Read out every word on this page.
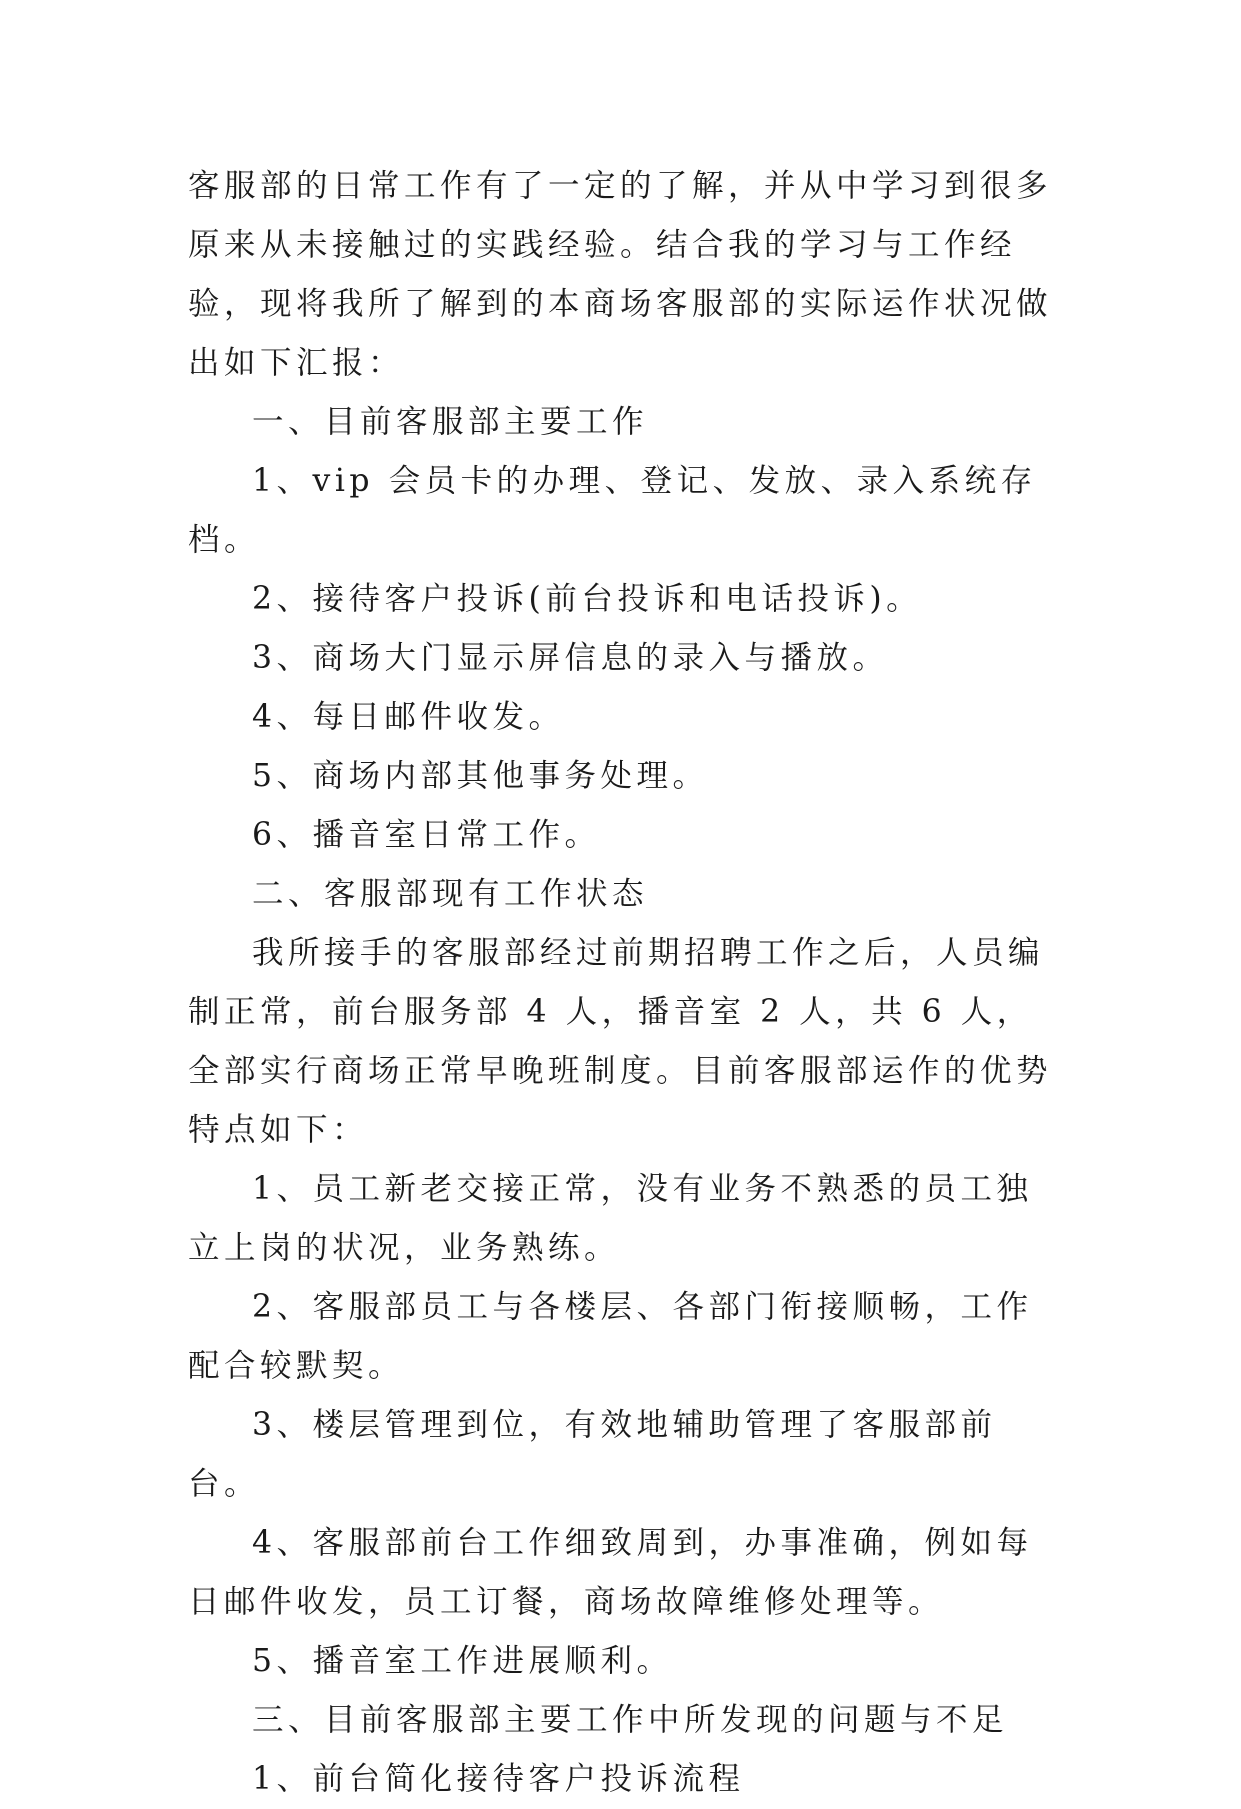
客服部的日常工作有了一定的了解，并从中学习到很多原来从未接触过的实践经验。结合我的学习与工作经验，现将我所了解到的本商场客服部的实际运作状况做出如下汇报：

一、目前客服部主要工作

1、vip 会员卡的办理、登记、发放、录入系统存档。

2、接待客户投诉(前台投诉和电话投诉)。

3、商场大门显示屏信息的录入与播放。

4、每日邮件收发。

5、商场内部其他事务处理。

6、播音室日常工作。

二、客服部现有工作状态

我所接手的客服部经过前期招聘工作之后，人员编制正常，前台服务部 4 人，播音室 2 人，共 6 人，全部实行商场正常早晚班制度。目前客服部运作的优势特点如下：

1、员工新老交接正常，没有业务不熟悉的员工独立上岗的状况，业务熟练。

2、客服部员工与各楼层、各部门衔接顺畅，工作配合较默契。

3、楼层管理到位，有效地辅助管理了客服部前台。

4、客服部前台工作细致周到，办事准确，例如每日邮件收发，员工订餐，商场故障维修处理等。

5、播音室工作进展顺利。

三、目前客服部主要工作中所发现的问题与不足

1、前台简化接待客户投诉流程
